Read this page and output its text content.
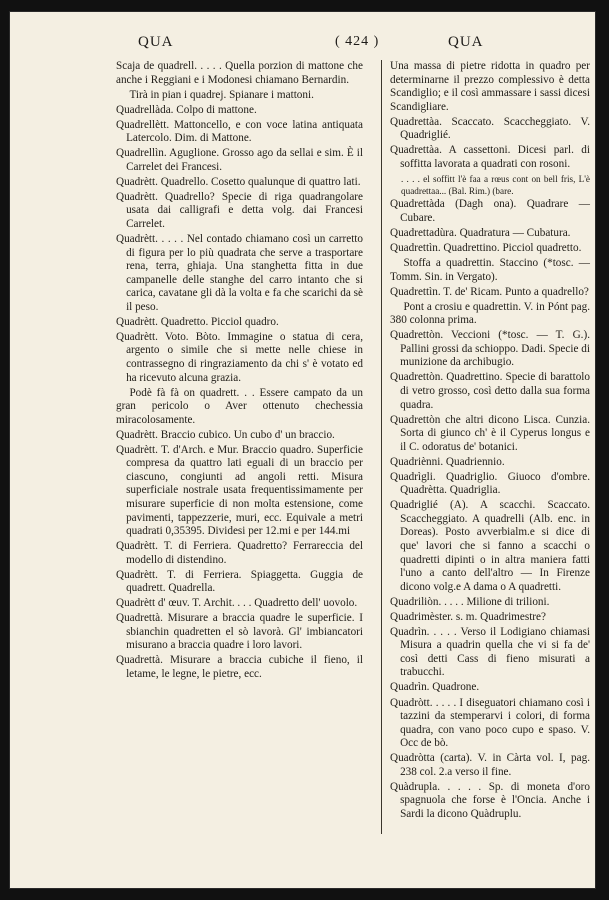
QUA	( 424 )	QUA

Scaja de quadrell. . . . . Quella porzion di mattone che anche i Reggiani e i Modonesi chiamano Bernardin.

Tirà in pian i quadrej. Spianare i mattoni.

Quadrellàda. Colpo di mattone.

Quadrellètt. Mattoncello, e con voce latina antiquata Latercolo. Dim. di Mattone.

Quadrellìn. Aguglione. Grosso ago da sellai e sim. È il Carrelet dei Francesi.

Quadrètt. Quadrello. Cosetto qualunque di quattro lati.

Quadrètt. Quadrello? Specie di riga quadrangolare usata dai calligrafi e detta volg. dai Francesi Carrelet.

Quadrètt. . . . . Nel contado chiamano così un carretto di figura per lo più quadrata che serve a trasportare rena, terra, ghiaja. Una stanghetta fitta in due campanelle delle stanghe del carro intanto che si carica, cavatane gli dà la volta e fa che scarichi da sè il peso.

Quadrètt. Quadretto. Picciol quadro.

Quadrètt. Voto. Bòto. Immagine o statua di cera, argento o simile che si mette nelle chiese in contrassegno di ringraziamento da chi s' è votato ed ha ricevuto alcuna grazia.

Podè fà fà on quadrett. . . Essere campato da un gran pericolo o Aver ottenuto chechessia miracolosamente.

Quadrètt. Braccio cubico. Un cubo d' un braccio.

Quadrètt. T. d'Arch. e Mur. Braccio quadro. Superficie compresa da quattro lati eguali di un braccio per ciascuno, congiunti ad angoli retti. Misura superficiale nostrale usata frequentissimamente per misurare superficie di non molta estensione, come pavimenti, tappezzerie, muri, ecc. Equivale a metri quadrati 0,35395. Dividesi per 12.mi e per 144.mi

Quadrètt. T. di Ferriera. Quadretto? Ferrareccia del modello di distendino.

Quadrètt. T. di Ferriera. Spiaggetta. Guggia de quadrett. Quadrella.

Quadrètt d' œuv. T. Archit. . . . Quadretto dell' uovolo.

Quadrettà. Misurare a braccia quadre le superficie. I sbianchin quadretten el sò lavorà. Gl' imbiancatori misurano a braccia quadre i loro lavori.

Quadrettà. Misurare a braccia cubiche il fieno, il letame, le legne, le pietre, ecc.

Una massa di pietre ridotta in quadro per determinarne il prezzo complessivo è detta Scandiglio; e il così ammassare i sassi dicesi Scandigliare.

Quadrettàa. Scaccato. Scaccheggiato. V. Quadriglié.

Quadrettàa. A cassettoni. Dicesi parl. di soffitta lavorata a quadrati con rosoni.

. . . . el soffitt l'è faa a rœus cont on bell fris, L'è quadrettaa... (Bal. Rim.) (bare.

Quadrettàda (Dagh ona). Quadrare — Cubare.

Quadrettadùra. Quadratura — Cubatura.

Quadrettìn. Quadrettino. Picciol quadretto.

Stoffa a quadrettin. Staccino (*tosc. — Tomm. Sin. in Vergato).

Quadrettìn. T. de' Ricam. Punto a quadrello?

Pont a crosiu e quadrettin. V. in Pónt pag. 380 colonna prima.

Quadrettòn. Veccioni (*tosc. — T. G.). Pallini grossi da schioppo. Dadi. Specie di munizione da archibugio.

Quadrettòn. Quadrettino. Specie di barattolo di vetro grosso, così detto dalla sua forma quadra.

Quadrettòn che altri dicono Lisca. Cunzia. Sorta di giunco ch' è il Cyperus longus e il C. odoratus de' botanici.

Quadriènni. Quadriennio.

Quadrìgli. Quadriglio. Giuoco d'ombre. Quadrètta. Quadriglia.

Quadriglié (A). A scacchi. Scaccato. Scaccheggiato. A quadrelli (Alb. enc. in Doreas). Posto avverbialm.e si dice di que' lavori che si fanno a scacchi o quadretti dipinti o in altra maniera fatti l'uno a canto dell'altro — In Firenze dicono volg.e A dama o A quadretti.

Quadriliòn. . . . . Milione di trilioni.

Quadrimèster. s. m. Quadrimestre?

Quadrìn. . . . . Verso il Lodigiano chiamasi Misura a quadrin quella che vi si fa de' così detti Cass di fieno misurati a trabucchi.

Quadrìn. Quadrone.

Quadròtt. . . . . I diseguatori chiamano così i tazzini da stemperarvi i colori, di forma quadra, con vano poco cupo e spaso. V. Occ de bò.

Quadròtta (carta). V. in Càrta vol. I, pag. 238 col. 2.a verso il fine.

Quàdrupla. . . . . Sp. di moneta d'oro spagnuola che forse è l'Oncia. Anche i Sardi la dicono Quàdruplu.
